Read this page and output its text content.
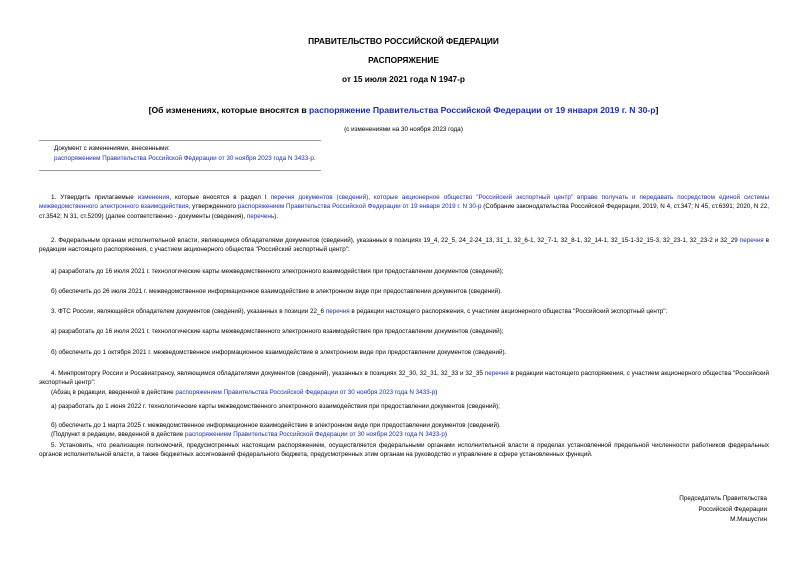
ПРАВИТЕЛЬСТВО РОССИЙСКОЙ ФЕДЕРАЦИИ
РАСПОРЯЖЕНИЕ
от 15 июля 2021 года N 1947-р
[Об изменениях, которые вносятся в распоряжение Правительства Российской Федерации от 19 января 2019 г. N 30-р]
(с изменениями на 30 ноября 2023 года)
Документ с изменениями, внесенными:
распоряжением Правительства Российской Федерации от 30 ноября 2023 года N 3433-р.
1. Утвердить прилагаемые изменения, которые вносятся в раздел I перечня документов (сведений), которые акционерное общество "Российский экспортный центр" вправе получать и передавать посредством единой системы межведомственного электронного взаимодействия, утвержденного распоряжением Правительства Российской Федерации от 19 января 2019 г. N 30-р (Собрание законодательства Российской Федерации, 2019, N 4, ст.347; N 45, ст.6391; 2020, N 22, ст.3542; N 31, ст.5209) (далее соответственно - документы (сведения), перечень).
2. Федеральным органам исполнительной власти, являющимся обладателями документов (сведений), указанных в позициях 19_4, 22_5, 24_2-24_13, 31_1, 32_6-1, 32_7-1, 32_8-1, 32_14-1, 32_15-1-32_15-3, 32_23-1, 32_23-2 и 32_29 перечня в редакции настоящего распоряжения, с участием акционерного общества "Российский экспортный центр":
а) разработать до 16 июля 2021 г. технологические карты межведомственного электронного взаимодействия при предоставлении документов (сведений);
б) обеспечить до 26 июля 2021 г. межведомственное информационное взаимодействие в электронном виде при предоставлении документов (сведений).
3. ФТС России, являющейся обладателем документов (сведений), указанных в позиции 22_6 перечня в редакции настоящего распоряжения, с участием акционерного общества "Российский экспортный центр":
а) разработать до 16 июля 2021 г. технологические карты межведомственного электронного взаимодействия при предоставлении документов (сведений);
б) обеспечить до 1 октября 2021 г. межведомственное информационное взаимодействие в электронном виде при предоставлении документов (сведений).
4. Минпромторгу России и Росавиатрансу, являющимся обладателями документов (сведений), указанных в позициях 32_30, 32_31, 32_33 и 32_35 перечня в редакции настоящего распоряжения, с участием акционерного общества "Российский экспортный центр":
(Абзац в редакции, введенной в действие распоряжением Правительства Российской Федерации от 30 ноября 2023 года N 3433-р)
а) разработать до 1 июня 2022 г. технологические карты межведомственного электронного взаимодействия при предоставлении документов (сведений);
б) обеспечить до 1 марта 2025 г. межведомственное информационное взаимодействие в электронном виде при предоставлении документов (сведений).
(Подпункт в редакции, введенной в действие распоряжением Правительства Российской Федерации от 30 ноября 2023 года N 3433-р)
5. Установить, что реализация полномочий, предусмотренных настоящим распоряжением, осуществляется федеральными органами исполнительной власти в пределах установленной предельной численности работников федеральных органов исполнительной власти, а также бюджетных ассигнований федерального бюджета, предусмотренных этим органам на руководство и управление в сфере установленных функций.
Председатель Правительства
Российской Федерации
М.Мишустин
